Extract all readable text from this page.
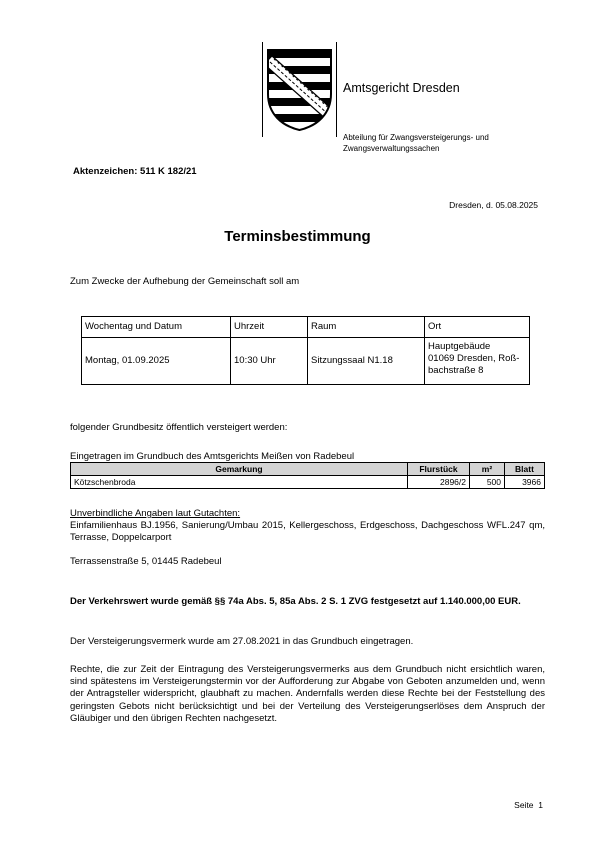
Amtsgericht Dresden
Abteilung für Zwangsversteigerungs- und Zwangsverwaltungssachen
Aktenzeichen: 511 K 182/21
Dresden, d. 05.08.2025
Terminsbestimmung
Zum Zwecke der Aufhebung der Gemeinschaft soll am
Wochentag und Datum	Uhrzeit	Raum	Ort
Montag, 01.09.2025	10:30 Uhr	Sitzungssaal N1.18	Hauptgebäude
01069 Dresden, Roß-
bachstraße 8
folgender Grundbesitz öffentlich versteigert werden:
Eingetragen im Grundbuch des Amtsgerichts Meißen von Radebeul
Gemarkung	Flurstück	m²	Blatt
Kötzschenbroda	2896/2	500	3966
Unverbindliche Angaben laut Gutachten:
Einfamilienhaus BJ.1956, Sanierung/Umbau 2015, Kellergeschoss, Erdgeschoss, Dachgeschoss WFL.247 qm, Terrasse, Doppelcarport
Terrassenstraße 5, 01445 Radebeul
Der Verkehrswert wurde gemäß §§ 74a Abs. 5, 85a Abs. 2 S. 1 ZVG festgesetzt auf 1.140.000,00 EUR.
Der Versteigerungsvermerk wurde am 27.08.2021 in das Grundbuch eingetragen.
Rechte, die zur Zeit der Eintragung des Versteigerungsvermerks aus dem Grundbuch nicht ersichtlich waren, sind spätestens im Versteigerungstermin vor der Aufforderung zur Abgabe von Geboten anzumelden und, wenn der Antragsteller widerspricht, glaubhaft zu machen. Andernfalls werden diese Rechte bei der Feststellung des geringsten Gebots nicht berücksichtigt und bei der Verteilung des Versteigerungserlöses dem Anspruch der Gläubiger und den übrigen Rechten nachgesetzt.
Seite 1
